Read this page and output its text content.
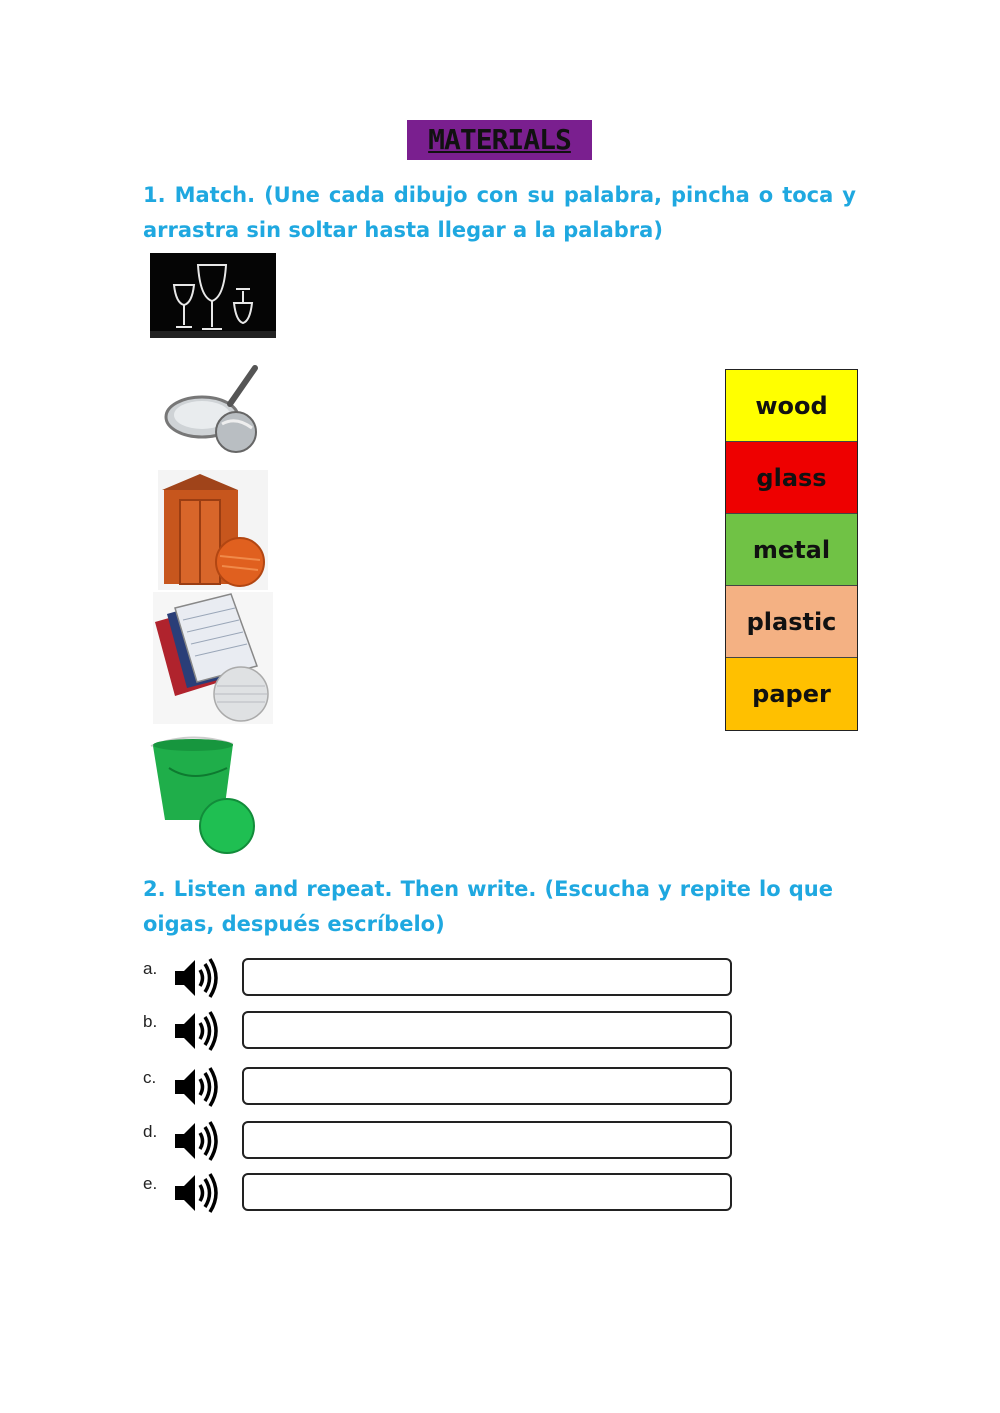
MATERIALS
1. Match. (Une cada dibujo con su palabra, pincha o toca y arrastra sin soltar hasta llegar a la palabra)
wood
glass
metal
plastic
paper
2. Listen and repeat. Then write. (Escucha y repite lo que oigas, después escríbelo)
a.
b.
c.
d.
e.
